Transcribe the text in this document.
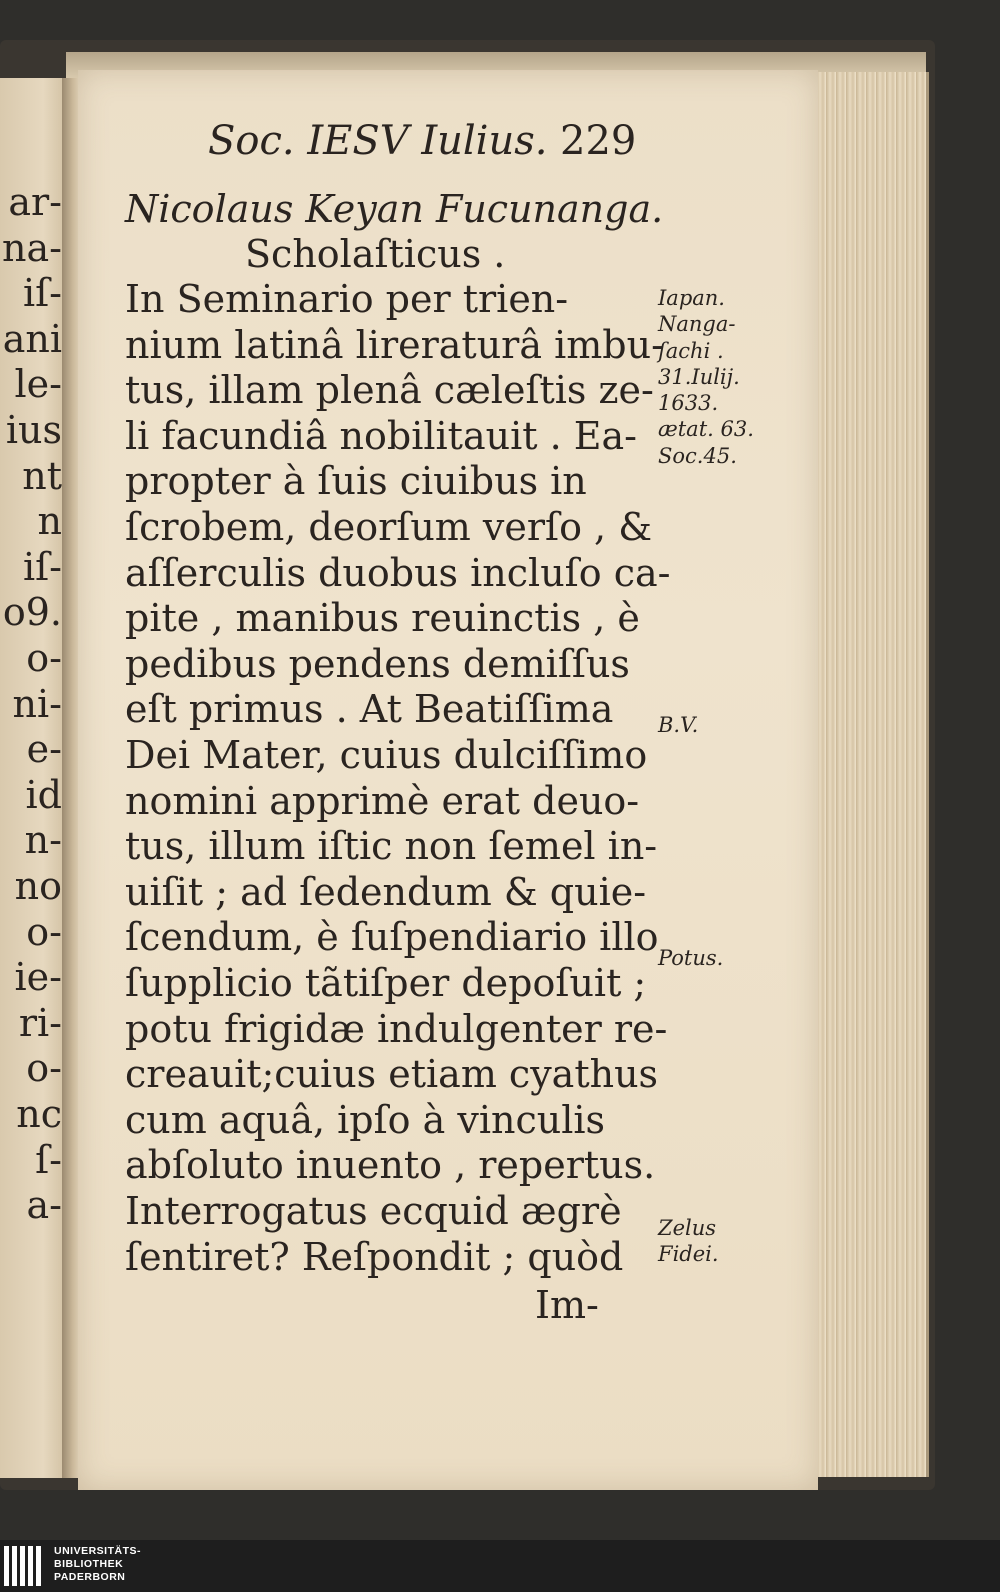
ar-
na-
iſ-
ani
le-
ius
nt
n
iſ-
o9.
o-
ni-
e-
id
n-
no
o-
ie-
ri-
o-
nc
ſ-
a-
Soc. IESV Iulius. 229
Nicolaus Keyan Fucunanga.
Scholaſticus .
In Seminario per trien-
nium latinâ lireraturâ imbu-
tus, illam plenâ cæleſtis ze-
li facundiâ nobilitauit . Ea-
propter à ſuis ciuibus in
ſcrobem, deorſum verſo , &
aſſerculis duobus incluſo ca-
pite , manibus reuinctis , è
pedibus pendens demiſſus
eſt primus . At Beatiſſima
Dei Mater, cuius dulciſſimo
nomini apprimè erat deuo-
tus, illum iſtic non ſemel in-
uiſit ; ad ſedendum & quie-
ſcendum, è ſuſpendiario illo
ſupplicio tãtiſper depoſuit ;
potu frigidæ indulgenter re-
creauit;cuius etiam cyathus
cum aquâ, ipſo à vinculis
abſoluto inuento , repertus.
Interrogatus ecquid ægrè
ſentiret? Reſpondit ; quòd
Im-
Iapan.
Nanga-
ſachi .
31.Iulij.
1633.
ætat. 63.
Soc.45.
B.V.
Potus.
Zelus
Fidei.
UNIVERSITÄTS-
BIBLIOTHEK
PADERBORN
